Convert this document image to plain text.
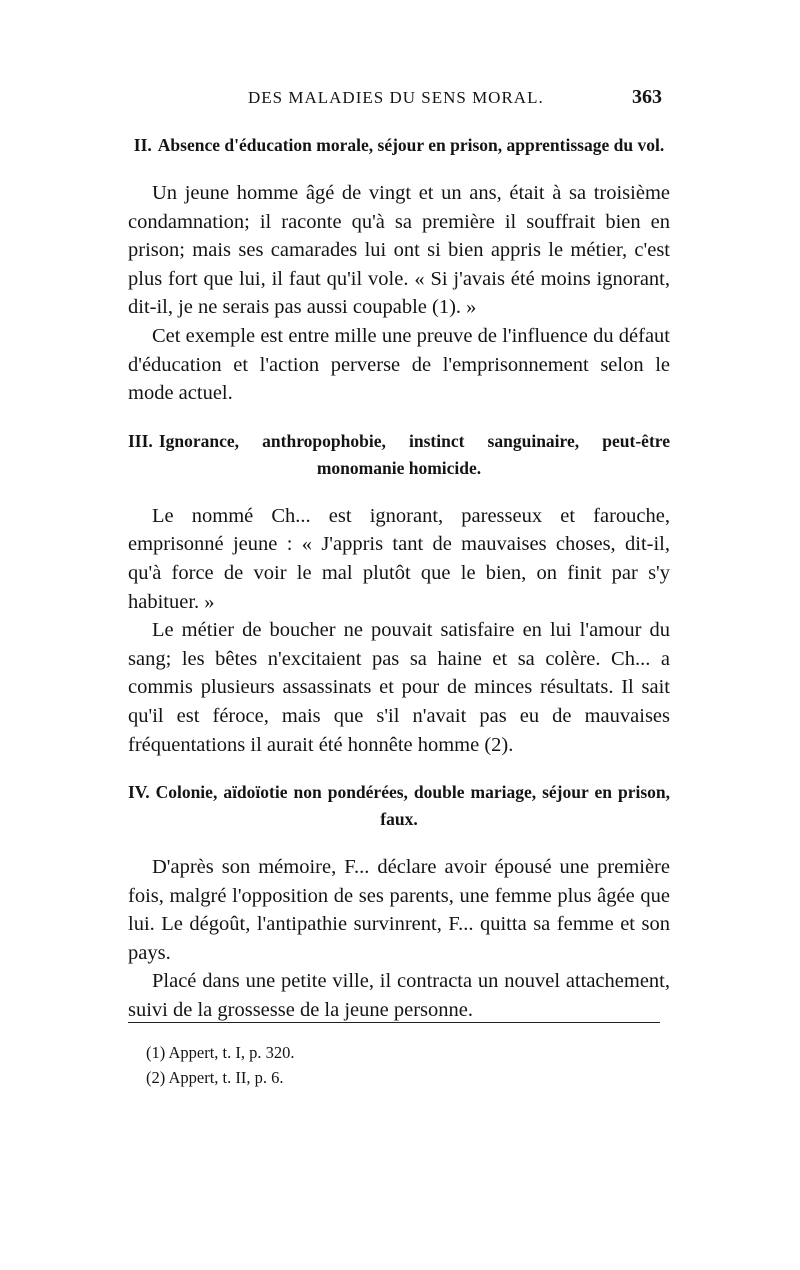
DES MALADIES DU SENS MORAL.	363

II. Absence d'éducation morale, séjour en prison, apprentissage du vol.

Un jeune homme âgé de vingt et un ans, était à sa troisième condamnation; il raconte qu'à sa première il souffrait bien en prison; mais ses camarades lui ont si bien appris le métier, c'est plus fort que lui, il faut qu'il vole. « Si j'avais été moins ignorant, dit-il, je ne serais pas aussi coupable (1). »

Cet exemple est entre mille une preuve de l'influence du défaut d'éducation et l'action perverse de l'emprisonnement selon le mode actuel.

III. Ignorance, anthropophobie, instinct sanguinaire, peut-être monomanie homicide.

Le nommé Ch... est ignorant, paresseux et farouche, emprisonné jeune : « J'appris tant de mauvaises choses, dit-il, qu'à force de voir le mal plutôt que le bien, on finit par s'y habituer. »

Le métier de boucher ne pouvait satisfaire en lui l'amour du sang; les bêtes n'excitaient pas sa haine et sa colère. Ch... a commis plusieurs assassinats et pour de minces résultats. Il sait qu'il est féroce, mais que s'il n'avait pas eu de mauvaises fréquentations il aurait été honnête homme (2).

IV. Colonie, aïdoïotie non pondérées, double mariage, séjour en prison, faux.

D'après son mémoire, F... déclare avoir épousé une première fois, malgré l'opposition de ses parents, une femme plus âgée que lui. Le dégoût, l'antipathie survinrent, F... quitta sa femme et son pays.

Placé dans une petite ville, il contracta un nouvel attachement, suivi de la grossesse de la jeune personne.

(1) Appert, t. I, p. 320.

(2) Appert, t. II, p. 6.
